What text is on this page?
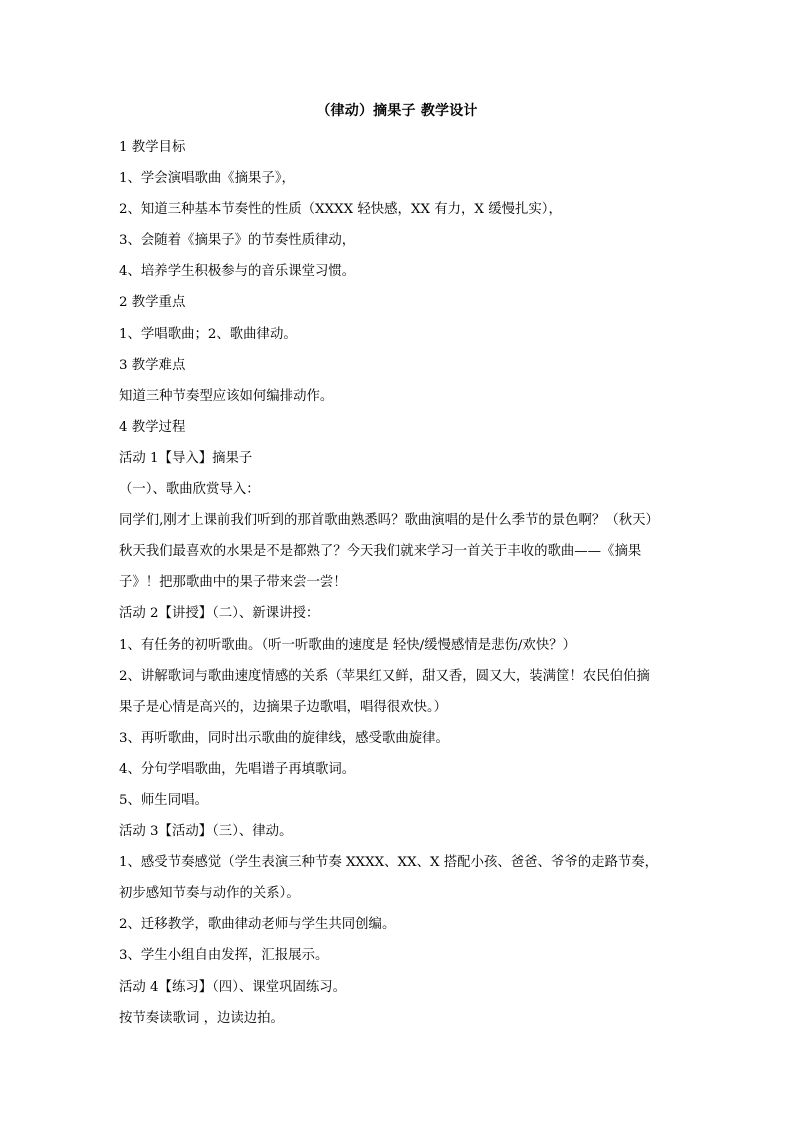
（律动）摘果子 教学设计
1 教学目标
1、学会演唱歌曲《摘果子》，
2、知道三种基本节奏性的性质（XXXX 轻快感，XX 有力，X 缓慢扎实），
3、会随着《摘果子》的节奏性质律动，
4、培养学生积极参与的音乐课堂习惯。
2 教学重点
1、学唱歌曲；2、歌曲律动。
3 教学难点
知道三种节奏型应该如何编排动作。
4 教学过程
活动 1【导入】摘果子
（一）、歌曲欣赏导入：
同学们,刚才上课前我们听到的那首歌曲熟悉吗？歌曲演唱的是什么季节的景色啊？（秋天）
秋天我们最喜欢的水果是不是都熟了？今天我们就来学习一首关于丰收的歌曲——《摘果
子》！把那歌曲中的果子带来尝一尝！
活动 2【讲授】（二）、新课讲授：
1、有任务的初听歌曲。（听一听歌曲的速度是 轻快/缓慢感情是悲伤/欢快？）
2、讲解歌词与歌曲速度情感的关系（苹果红又鲜，甜又香，圆又大，装满筐！农民伯伯摘
果子是心情是高兴的，边摘果子边歌唱，唱得很欢快。）
3、再听歌曲，同时出示歌曲的旋律线，感受歌曲旋律。
4、分句学唱歌曲，先唱谱子再填歌词。
5、师生同唱。
活动 3【活动】（三）、律动。
1、感受节奏感觉（学生表演三种节奏 XXXX、XX、X 搭配小孩、爸爸、爷爷的走路节奏，
初步感知节奏与动作的关系）。
2、迁移教学，歌曲律动老师与学生共同创编。
3、学生小组自由发挥，汇报展示。
活动 4【练习】（四）、课堂巩固练习。
按节奏读歌词 ，边读边拍。
